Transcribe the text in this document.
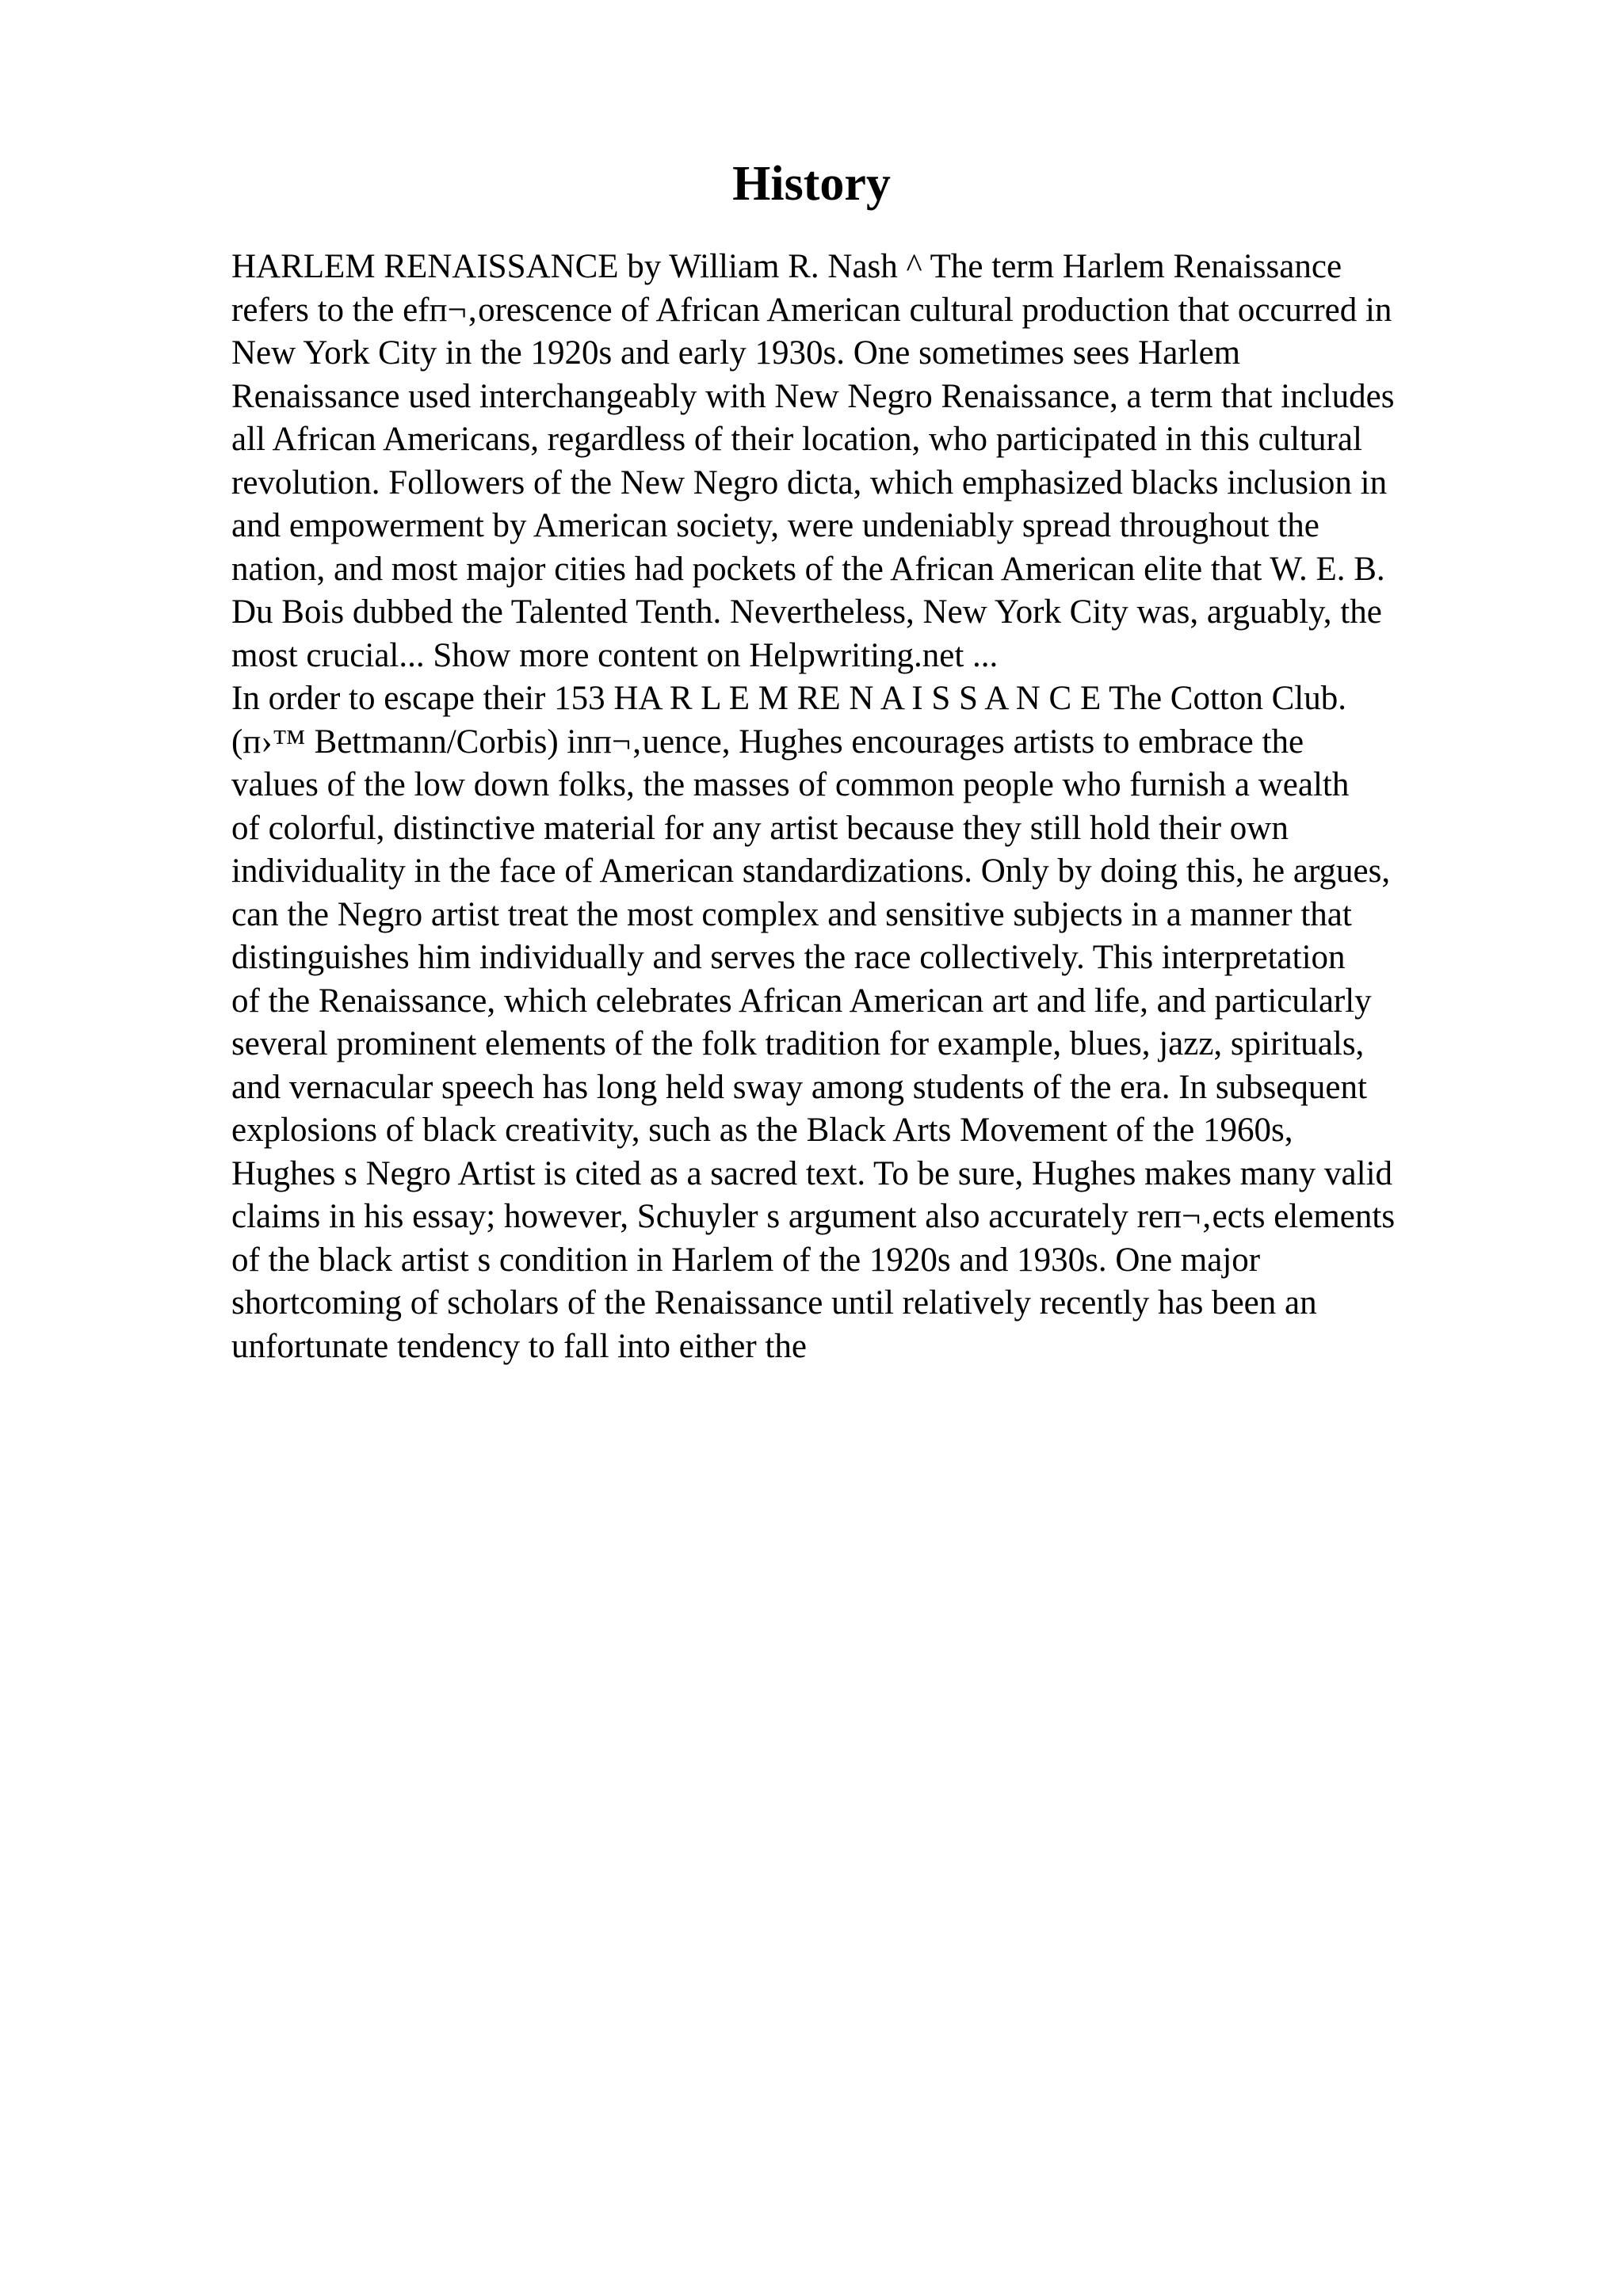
History
HARLEM RENAISSANCE by William R. Nash ^ The term Harlem Renaissance
refers to the efп¬‚orescence of African American cultural production that occurred in
New York City in the 1920s and early 1930s. One sometimes sees Harlem
Renaissance used interchangeably with New Negro Renaissance, a term that includes
all African Americans, regardless of their location, who participated in this cultural
revolution. Followers of the New Negro dicta, which emphasized blacks inclusion in
and empowerment by American society, were undeniably spread throughout the
nation, and most major cities had pockets of the African American elite that W. E. B.
Du Bois dubbed the Talented Tenth. Nevertheless, New York City was, arguably, the
most crucial... Show more content on Helpwriting.net ...
In order to escape their 153 HA R L E M RE N A I S S A N C E The Cotton Club.
(п›™ Bettmann/Corbis) inп¬‚uence, Hughes encourages artists to embrace the
values of the low down folks, the masses of common people who furnish a wealth
of colorful, distinctive material for any artist because they still hold their own
individuality in the face of American standardizations. Only by doing this, he argues,
can the Negro artist treat the most complex and sensitive subjects in a manner that
distinguishes him individually and serves the race collectively. This interpretation
of the Renaissance, which celebrates African American art and life, and particularly
several prominent elements of the folk tradition for example, blues, jazz, spirituals,
and vernacular speech has long held sway among students of the era. In subsequent
explosions of black creativity, such as the Black Arts Movement of the 1960s,
Hughes s Negro Artist is cited as a sacred text. To be sure, Hughes makes many valid
claims in his essay; however, Schuyler s argument also accurately reп¬‚ects elements
of the black artist s condition in Harlem of the 1920s and 1930s. One major
shortcoming of scholars of the Renaissance until relatively recently has been an
unfortunate tendency to fall into either the
